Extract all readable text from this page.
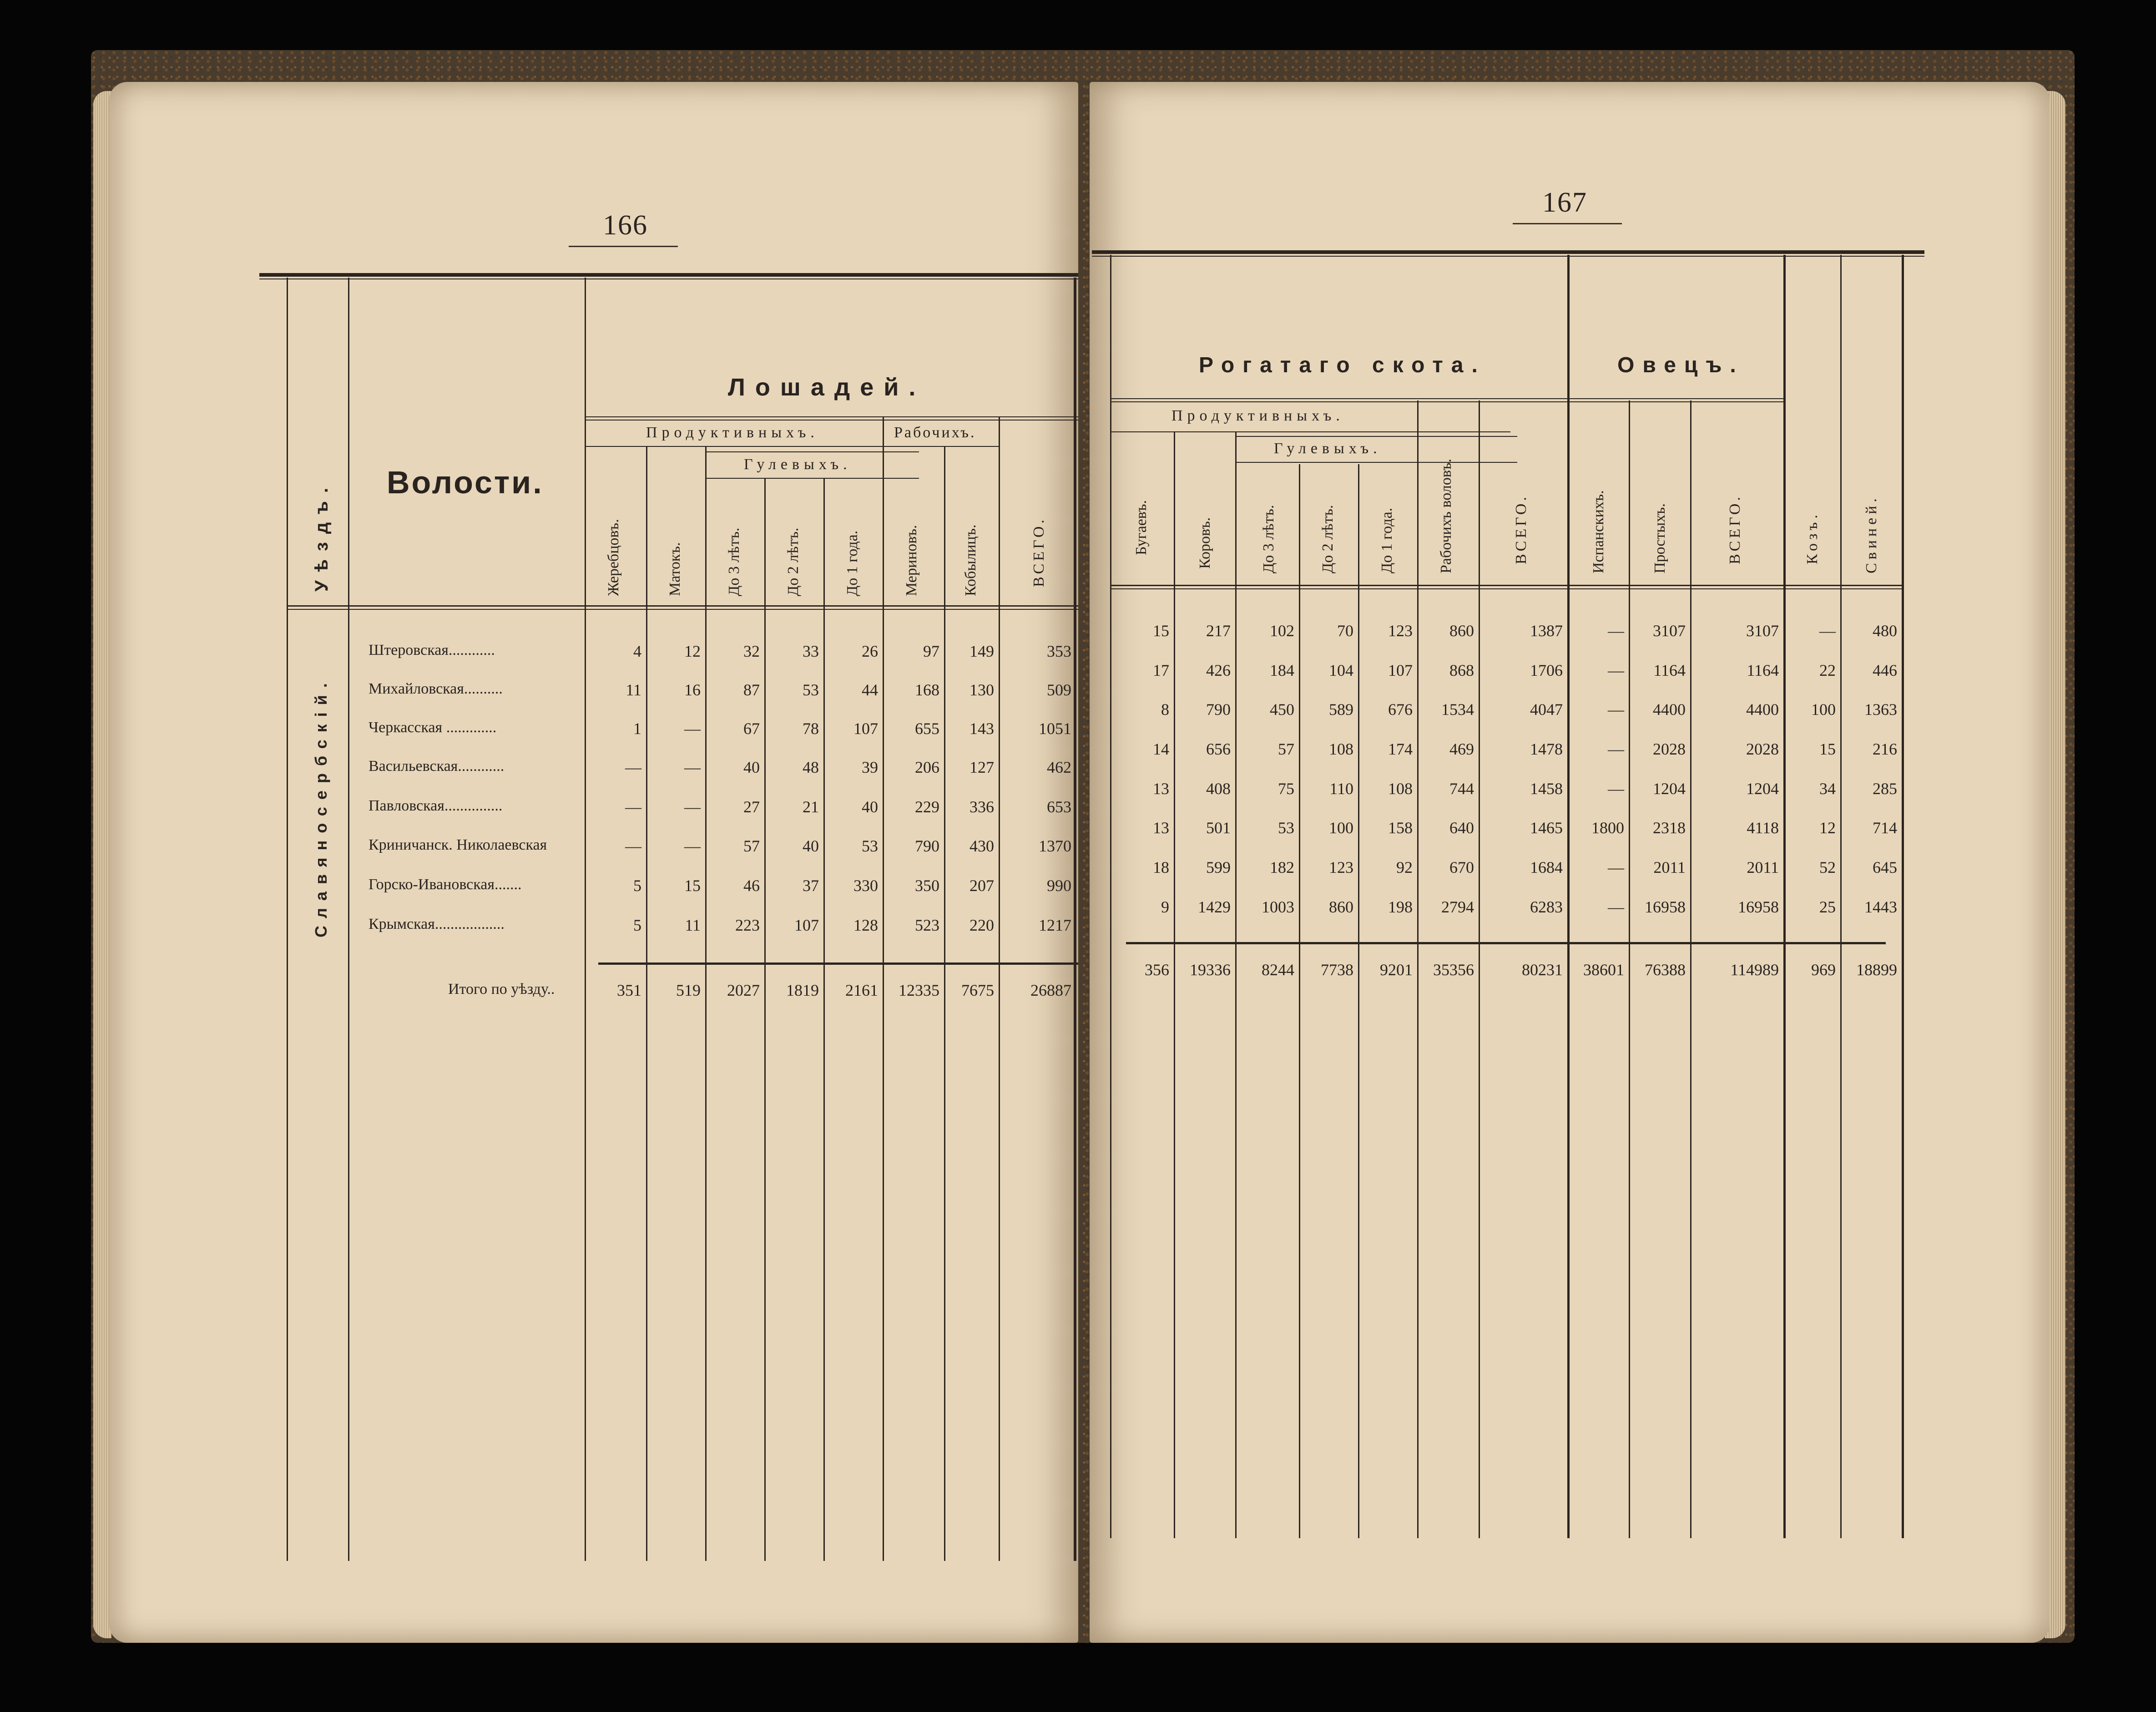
166
Уѣздъ. Волости.
Лошадей.
Продуктивныхъ.	Рабочихъ.
Гулевыхъ.
Жеребцовъ.	Матокъ.	До 3 лѣтъ.	До 2 лѣтъ.	До 1 года.	Мериновъ.	Кобылицъ.	ВСЕГО.
Славяносербскій.
Штеровская............	4	12	32	33	26	97	149	353
Михайловская..........	11	16	87	53	44	168	130	509
Черкасская .............	1	—	67	78	107	655	143	1051
Васильевская............	—	—	40	48	39	206	127	462
Павловская...............	—	—	27	21	40	229	336	653
Криничанск. Николаевская	—	—	57	40	53	790	430	1370
Горско-Ивановская.......	5	15	46	37	330	350	207	990
Крымская..................	5	11	223	107	128	523	220	1217
Итого по уѣзду..	351	519	2027	1819	2161	12335	7675	26887
167
Рогатаго скота.	Овецъ.
Продуктивныхъ.
Гулевыхъ.
Бугаевъ.	Коровъ.	До 3 лѣтъ.	До 2 лѣтъ.	До 1 года.	Рабочихъ воловъ.	ВСЕГО.	Испанскихъ.	Простыхъ.	ВСЕГО.	Козъ.	Свиней.
15	217	102	70	123	860	1387	—	3107	3107	—	480
17	426	184	104	107	868	1706	—	1164	1164	22	446
8	790	450	589	676	1534	4047	—	4400	4400	100	1363
14	656	57	108	174	469	1478	—	2028	2028	15	216
13	408	75	110	108	744	1458	—	1204	1204	34	285
13	501	53	100	158	640	1465	1800	2318	4118	12	714
18	599	182	123	92	670	1684	—	2011	2011	52	645
9	1429	1003	860	198	2794	6283	—	16958	16958	25	1443
356	19336	8244	7738	9201	35356	80231	38601	76388	114989	969	18899
